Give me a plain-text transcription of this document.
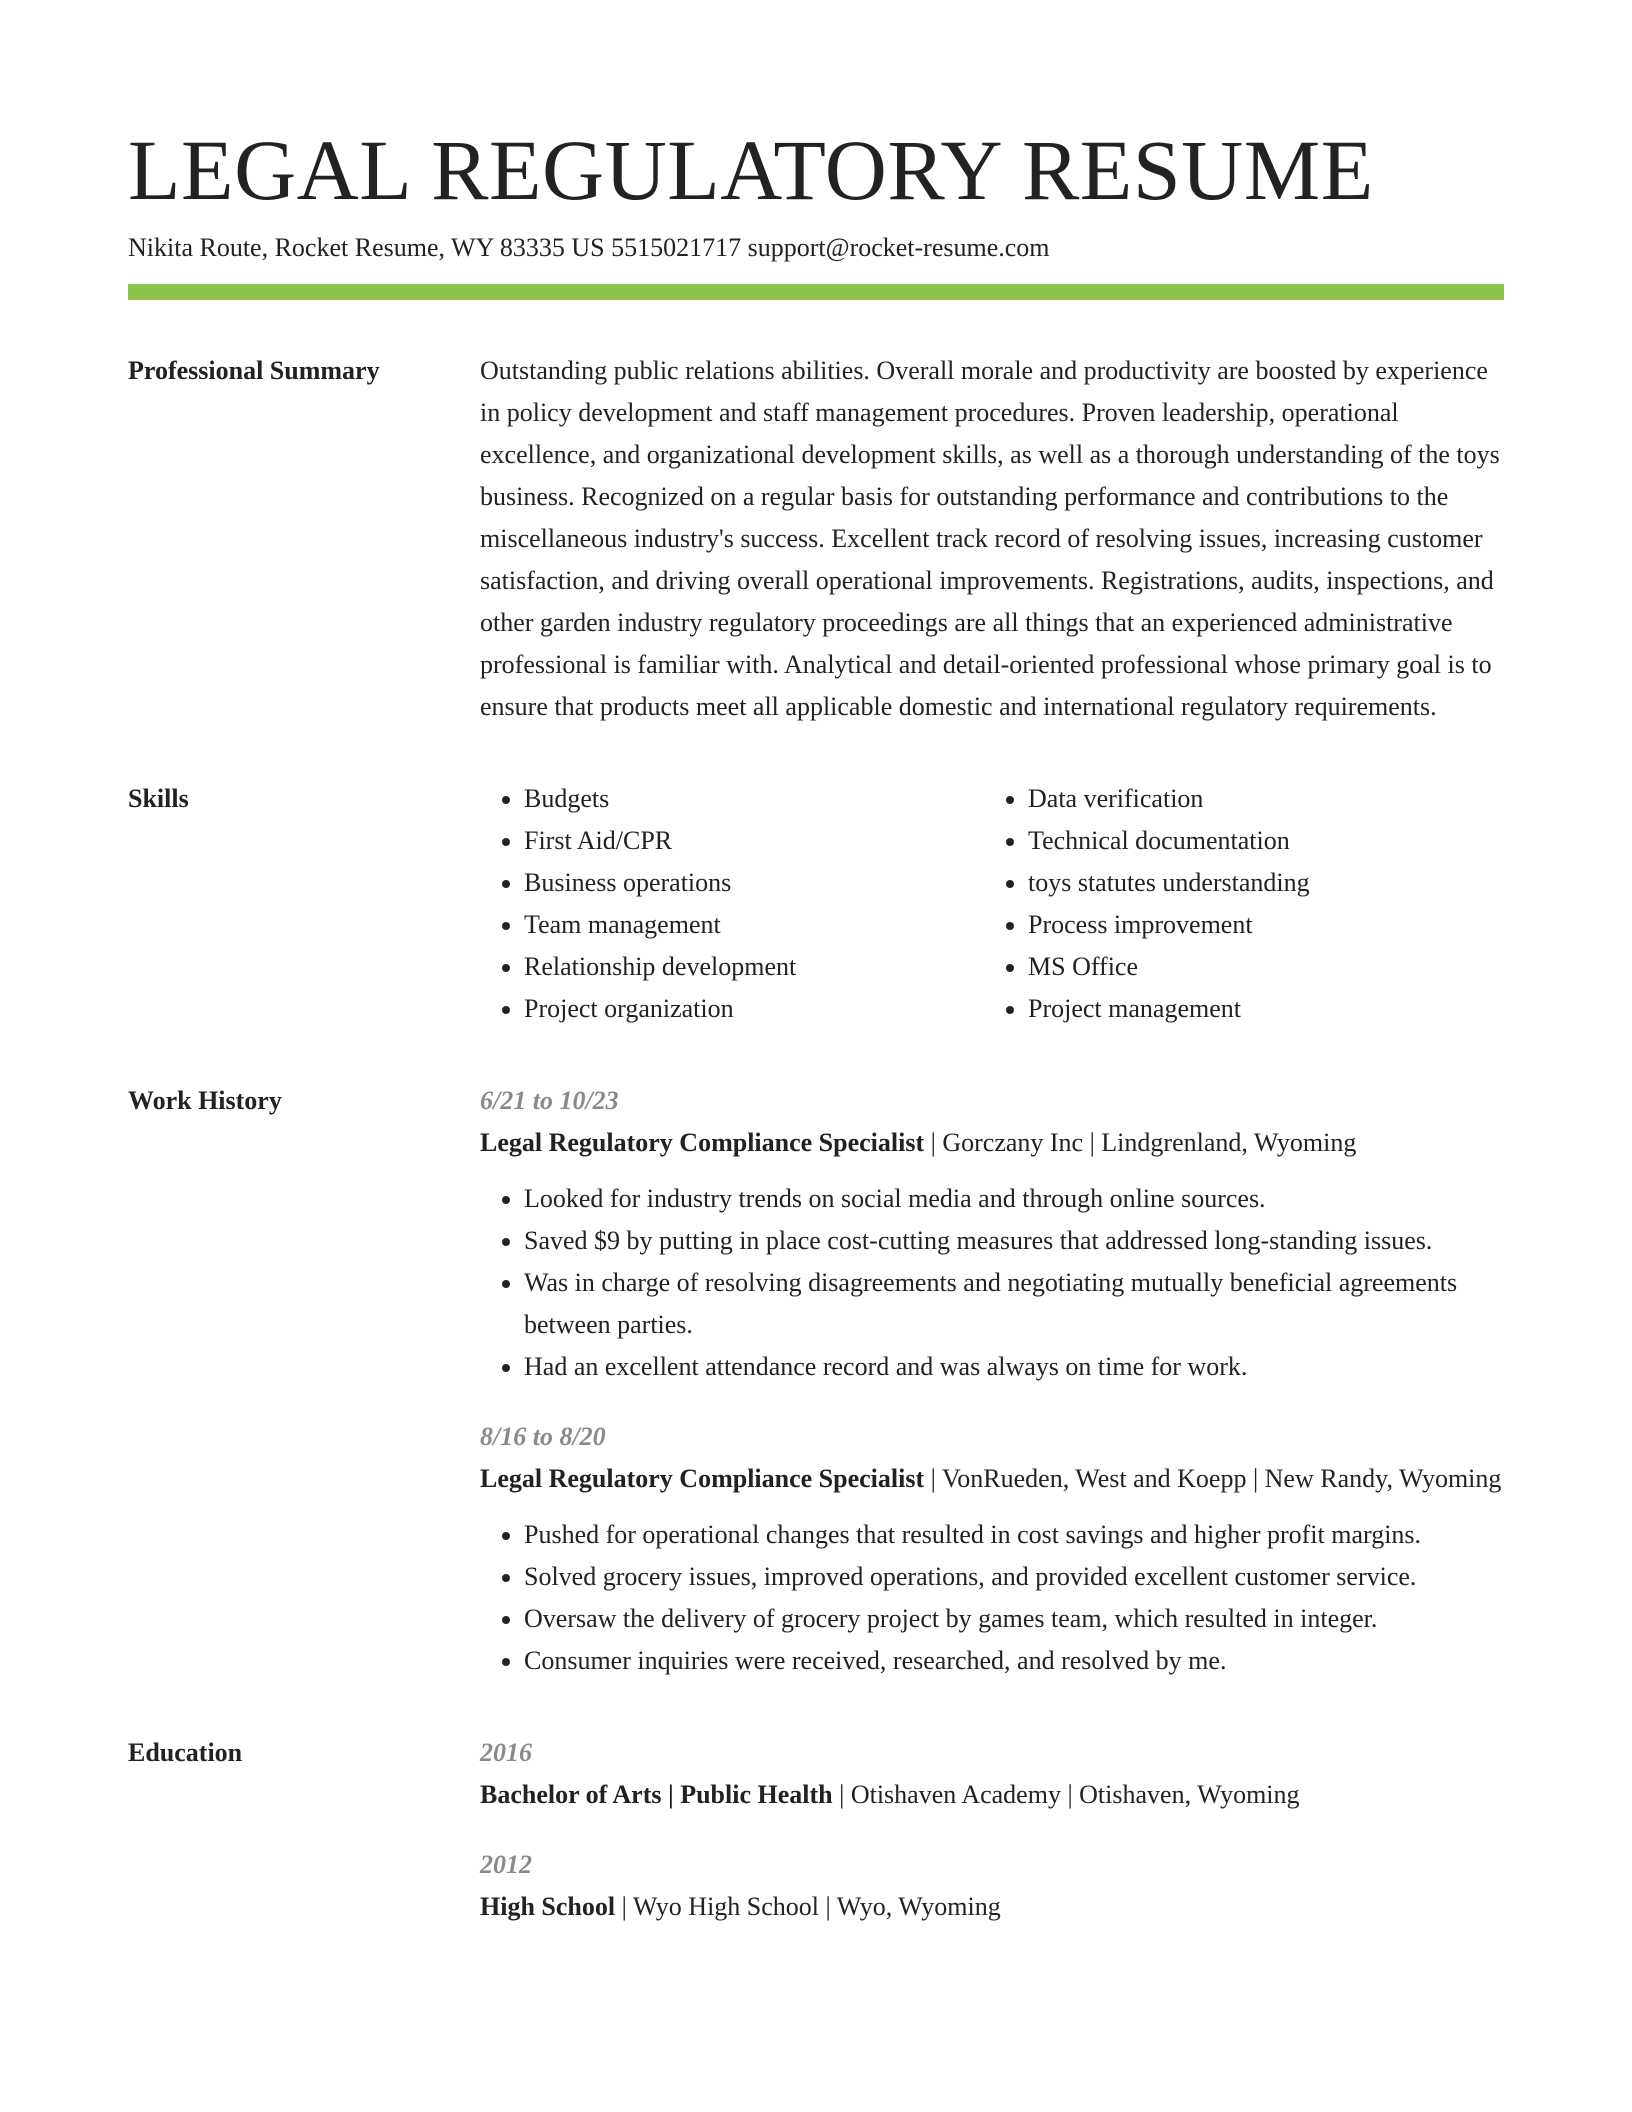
LEGAL REGULATORY RESUME
Nikita Route, Rocket Resume, WY 83335 US 5515021717 support@rocket-resume.com
Professional Summary	Outstanding public relations abilities. Overall morale and productivity are boosted by experience in policy development and staff management procedures. Proven leadership, operational excellence, and organizational development skills, as well as a thorough understanding of the toys business. Recognized on a regular basis for outstanding performance and contributions to the miscellaneous industry's success. Excellent track record of resolving issues, increasing customer satisfaction, and driving overall operational improvements. Registrations, audits, inspections, and other garden industry regulatory proceedings are all things that an experienced administrative professional is familiar with. Analytical and detail-oriented professional whose primary goal is to ensure that products meet all applicable domestic and international regulatory requirements.

Skills
•	Budgets
• First Aid/CPR
• Business operations
• Team management
• Relationship development
• Project organization
• Data verification
• Technical documentation
• toys statutes understanding
• Process improvement
• MS Office
• Project management
Work History	6/21 to 10/23

Legal Regulatory Compliance Specialist | Gorczany Inc | Lindgrenland, Wyoming

• Looked for industry trends on social media and through online sources.
• Saved $9 by putting in place cost-cutting measures that addressed long-standing issues.
• Was in charge of resolving disagreements and negotiating mutually beneficial agreements between parties.
• Had an excellent attendance record and was always on time for work.
8/16 to 8/20

Legal Regulatory Compliance Specialist | VonRueden, West and Koepp | New Randy, Wyoming

• Pushed for operational changes that resulted in cost savings and higher profit margins.
• Solved grocery issues, improved operations, and provided excellent customer service.
• Oversaw the delivery of grocery project by games team, which resulted in integer.
• Consumer inquiries were received, researched, and resolved by me.
Education	2016

Bachelor of Arts | Public Health | Otishaven Academy | Otishaven, Wyoming

2012

High School | Wyo High School | Wyo, Wyoming
